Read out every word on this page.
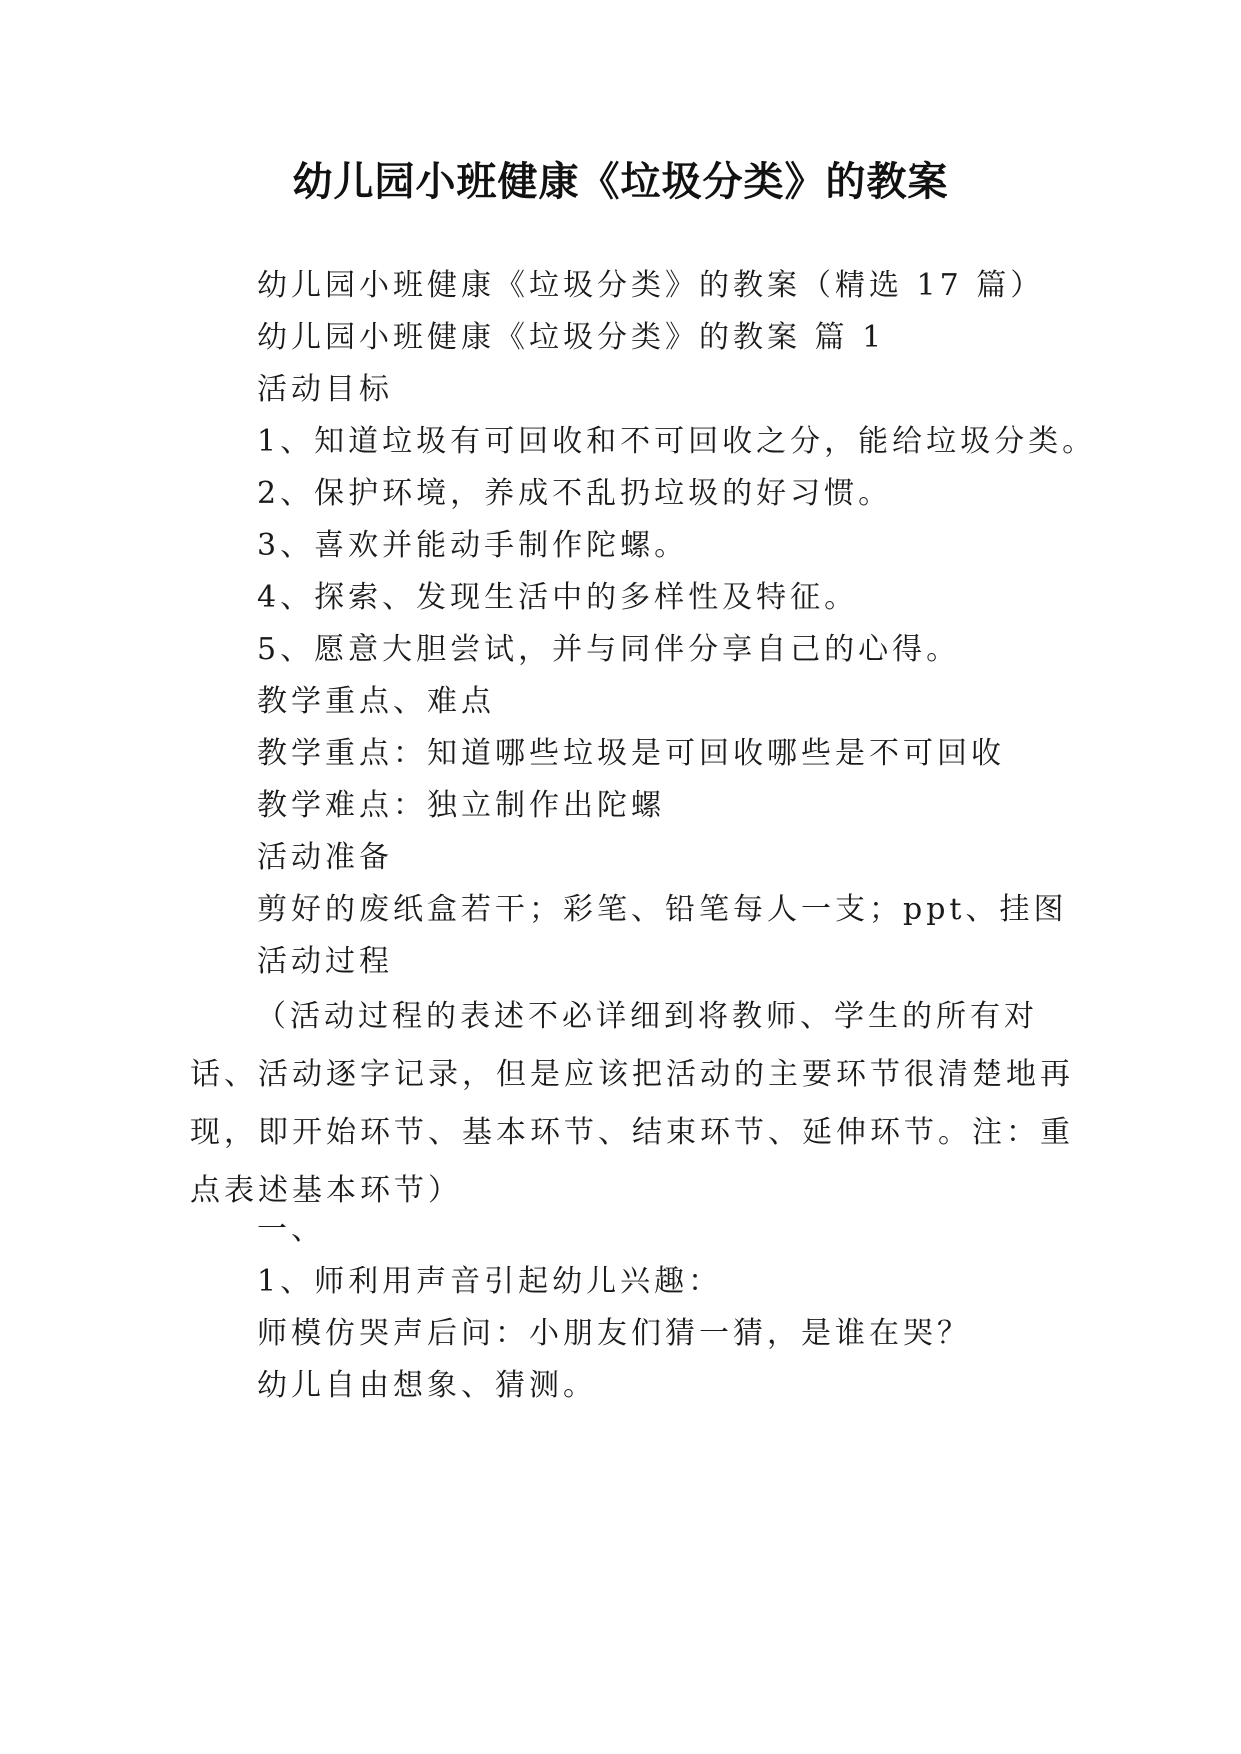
幼儿园小班健康《垃圾分类》的教案
幼儿园小班健康《垃圾分类》的教案（精选 17 篇）
幼儿园小班健康《垃圾分类》的教案 篇 1
活动目标
1、知道垃圾有可回收和不可回收之分，能给垃圾分类。
2、保护环境，养成不乱扔垃圾的好习惯。
3、喜欢并能动手制作陀螺。
4、探索、发现生活中的多样性及特征。
5、愿意大胆尝试，并与同伴分享自己的心得。
教学重点、难点
教学重点：知道哪些垃圾是可回收哪些是不可回收
教学难点：独立制作出陀螺
活动准备
剪好的废纸盒若干；彩笔、铅笔每人一支；ppt、挂图
活动过程
（活动过程的表述不必详细到将教师、学生的所有对话、活动逐字记录，但是应该把活动的主要环节很清楚地再现，即开始环节、基本环节、结束环节、延伸环节。注：重点表述基本环节）
一、
1、师利用声音引起幼儿兴趣：
师模仿哭声后问：小朋友们猜一猜，是谁在哭？
幼儿自由想象、猜测。
